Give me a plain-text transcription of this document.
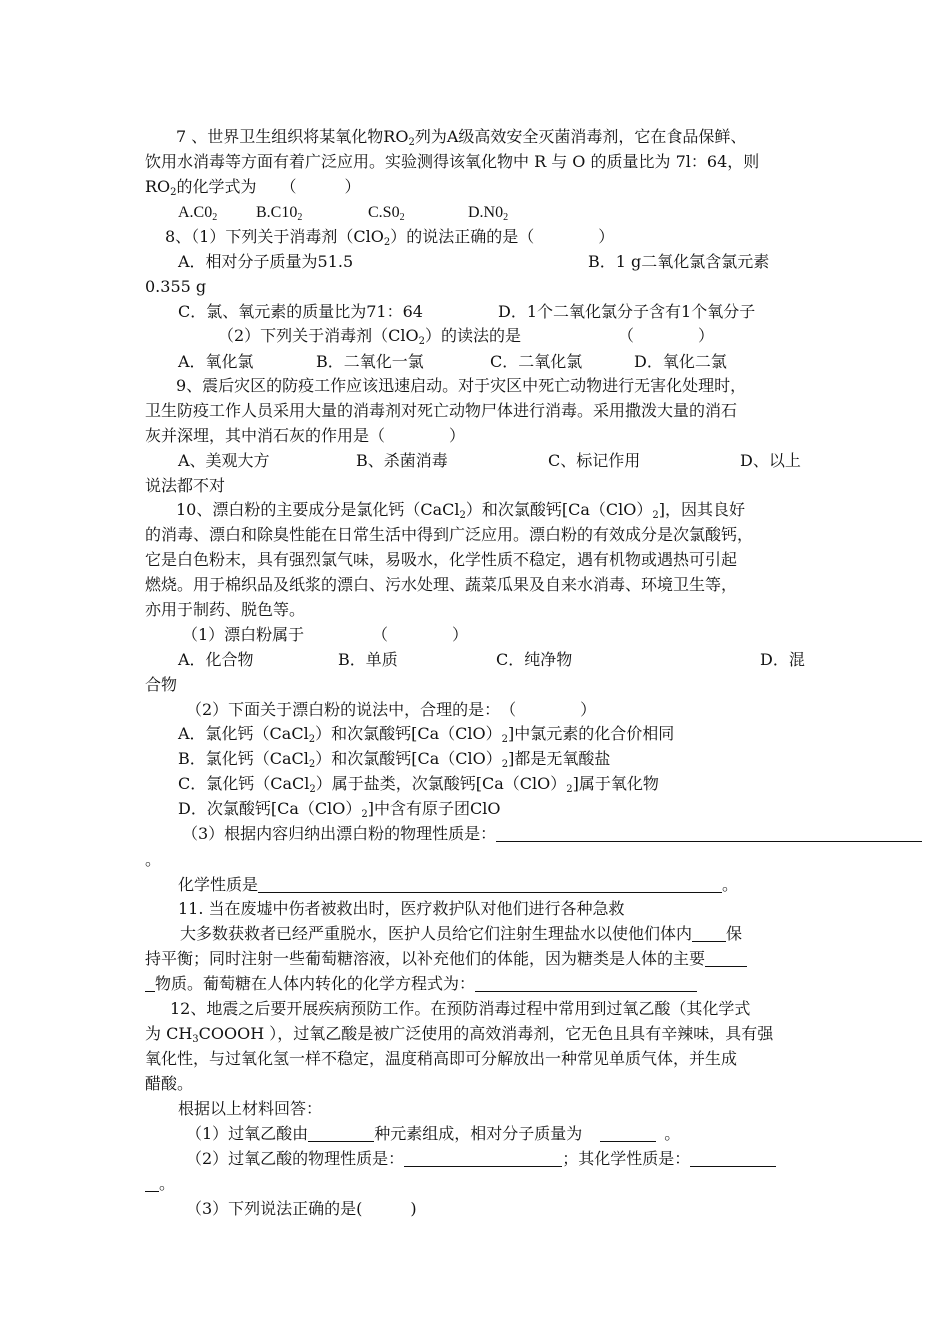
7 、世界卫生组织将某氧化物$RO_2$列为A级高效安全灭菌消毒剂，它在食品保鲜、
饮用水消毒等方面有着广泛应用。实验测得该氧化物中 R 与 O 的质量比为 7l：64，则
$RO_2$的化学式为　　（　　　）
$A.C0_2$ $B.C10_2$	$C.S0_2$	$D.N0_2$
8、（1）下列关于消毒剂（ClO$_2$）的说法正确的是（　　　　）
A．相对分子质量为51.5	B．1 g二氧化氯含氯元素
0.355 g
C．氯、氧元素的质量比为71：64	D．1个二氧化氯分子含有1个氧分子
（2）下列关于消毒剂（ClO$_2$）的读法的是	（　　　　）
A．氧化氯	B．二氧化一氯	C．二氧化氯	D．氧化二氯
9、震后灾区的防疫工作应该迅速启动。对于灾区中死亡动物进行无害化处理时，
卫生防疫工作人员采用大量的消毒剂对死亡动物尸体进行消毒。采用撒泼大量的消石
灰并深埋，其中消石灰的作用是（　　　　）
A、美观大方	B、杀菌消毒	C、标记作用	D、以上
说法都不对
10、漂白粉的主要成分是氯化钙（CaCl$_2$）和次氯酸钙$[Ca(ClO)_2]$，因其良好
的消毒、漂白和除臭性能在日常生活中得到广泛应用。漂白粉的有效成分是次氯酸钙，
它是白色粉末，具有强烈氯气味，易吸水，化学性质不稳定，遇有机物或遇热可引起
燃烧。用于棉织品及纸浆的漂白、污水处理、蔬菜瓜果及自来水消毒、环境卫生等，
亦用于制药、脱色等。
（1）漂白粉属于	（　　　　）
A．化合物	B．单质	C．纯净物	D．混
合物
（2）下面关于漂白粉的说法中，合理的是：　（　　　　）
A．氯化钙（CaCl$_2$）和次氯酸钙$[Ca(ClO)_2]$中氯元素的化合价相同
B．氯化钙（CaCl$_2$）和次氯酸钙$[Ca(ClO)_2]$都是无氧酸盐
C．氯化钙（CaCl$_2$）属于盐类，次氯酸钙$[Ca(ClO)_2]$属于氧化物
D．次氯酸钙$[Ca(ClO)_2]$中含有原子团ClO
（3）根据内容归纳出漂白粉的物理性质是：
。
化学性质是	。
11. 当在废墟中伤者被救出时，医疗救护队对他们进行各种急救
大多数获救者已经严重脱水，医护人员给它们注射生理盐水以使他们体内 保
持平衡；同时注射一些葡萄糖溶液，以补充他们的体能，因为糖类是人体的主要
物质。葡萄糖在人体内转化的化学方程式为：
12、地震之后要开展疾病预防工作。在预防消毒过程中常用到过氧乙酸（其化学式
为 $CH_3COOOH$ ），过氧乙酸是被广泛使用的高效消毒剂，它无色且具有辛辣味，具有强
氧化性，与过氧化氢一样不稳定，温度稍高即可分解放出一种常见单质气体，并生成
醋酸。
根据以上材料回答：
（1）过氧乙酸由	种元素组成，相对分子质量为	。
（2）过氧乙酸的物理性质是：	；其化学性质是：
。
（3）下列说法正确的是(　　　)
